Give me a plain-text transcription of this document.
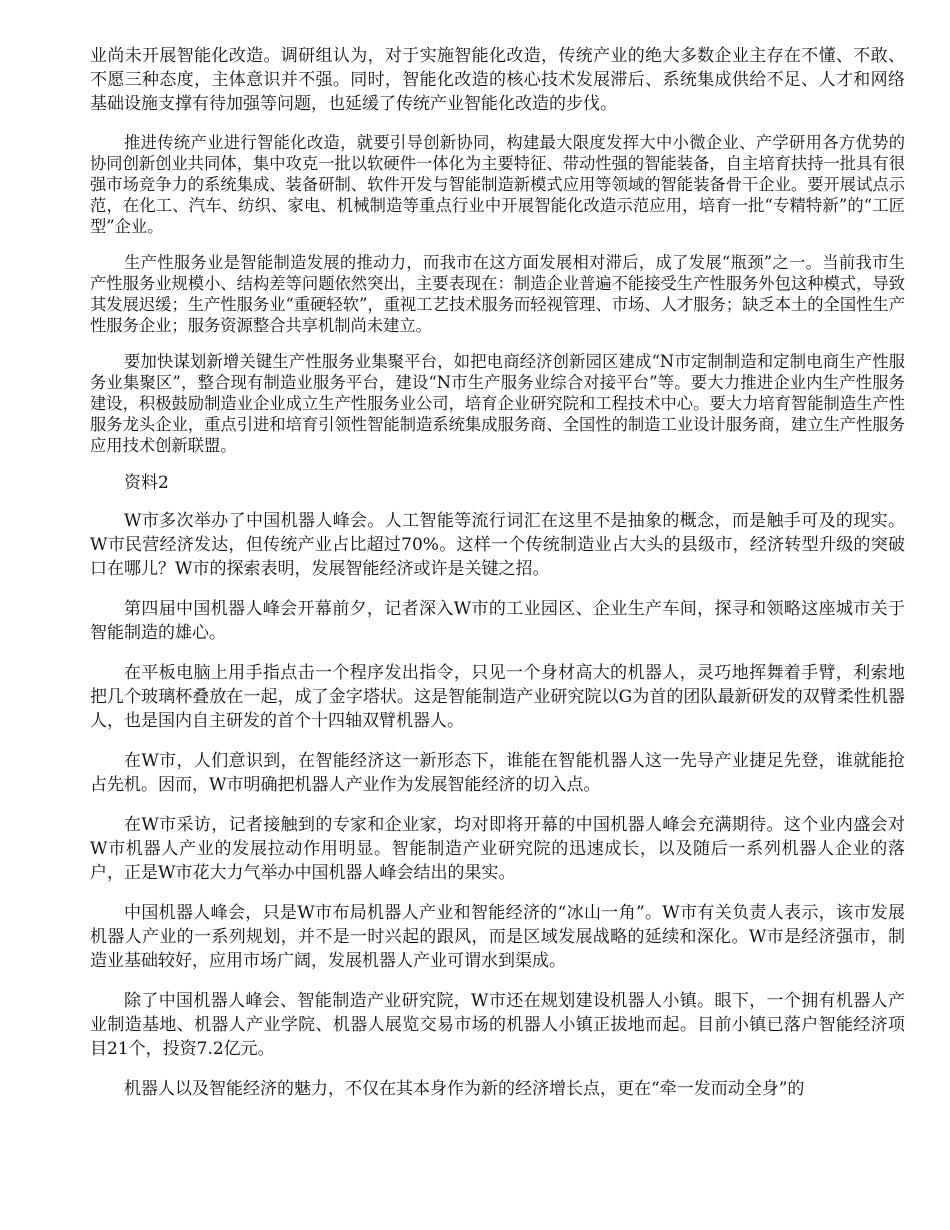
业尚未开展智能化改造。调研组认为，对于实施智能化改造，传统产业的绝大多数企业主存在不懂、不敢、不愿三种态度，主体意识并不强。同时，智能化改造的核心技术发展滞后、系统集成供给不足、人才和网络基础设施支撑有待加强等问题，也延缓了传统产业智能化改造的步伐。

推进传统产业进行智能化改造，就要引导创新协同，构建最大限度发挥大中小微企业、产学研用各方优势的协同创新创业共同体，集中攻克一批以软硬件一体化为主要特征、带动性强的智能装备，自主培育扶持一批具有很强市场竞争力的系统集成、装备研制、软件开发与智能制造新模式应用等领域的智能装备骨干企业。要开展试点示范，在化工、汽车、纺织、家电、机械制造等重点行业中开展智能化改造示范应用，培育一批“专精特新”的“工匠型”企业。

生产性服务业是智能制造发展的推动力，而我市在这方面发展相对滞后，成了发展“瓶颈”之一。当前我市生产性服务业规模小、结构差等问题依然突出，主要表现在：制造企业普遍不能接受生产性服务外包这种模式，导致其发展迟缓；生产性服务业“重硬轻软”，重视工艺技术服务而轻视管理、市场、人才服务；缺乏本土的全国性生产性服务企业；服务资源整合共享机制尚未建立。

要加快谋划新增关键生产性服务业集聚平台，如把电商经济创新园区建成“N市定制制造和定制电商生产性服务业集聚区”，整合现有制造业服务平台，建设“N市生产服务业综合对接平台”等。要大力推进企业内生产性服务建设，积极鼓励制造业企业成立生产性服务业公司，培育企业研究院和工程技术中心。要大力培育智能制造生产性服务龙头企业，重点引进和培育引领性智能制造系统集成服务商、全国性的制造工业设计服务商，建立生产性服务应用技术创新联盟。

资料2

W市多次举办了中国机器人峰会。人工智能等流行词汇在这里不是抽象的概念，而是触手可及的现实。W市民营经济发达，但传统产业占比超过70%。这样一个传统制造业占大头的县级市，经济转型升级的突破口在哪儿？W市的探索表明，发展智能经济或许是关键之招。

第四届中国机器人峰会开幕前夕，记者深入W市的工业园区、企业生产车间，探寻和领略这座城市关于智能制造的雄心。

在平板电脑上用手指点击一个程序发出指令，只见一个身材高大的机器人，灵巧地挥舞着手臂，利索地把几个玻璃杯叠放在一起，成了金字塔状。这是智能制造产业研究院以G为首的团队最新研发的双臂柔性机器人，也是国内自主研发的首个十四轴双臂机器人。

在W市，人们意识到，在智能经济这一新形态下，谁能在智能机器人这一先导产业捷足先登，谁就能抢占先机。因而，W市明确把机器人产业作为发展智能经济的切入点。

在W市采访，记者接触到的专家和企业家，均对即将开幕的中国机器人峰会充满期待。这个业内盛会对W市机器人产业的发展拉动作用明显。智能制造产业研究院的迅速成长，以及随后一系列机器人企业的落户，正是W市花大力气举办中国机器人峰会结出的果实。

中国机器人峰会，只是W市布局机器人产业和智能经济的“冰山一角”。W市有关负责人表示，该市发展机器人产业的一系列规划，并不是一时兴起的跟风，而是区域发展战略的延续和深化。W市是经济强市，制造业基础较好，应用市场广阔，发展机器人产业可谓水到渠成。

除了中国机器人峰会、智能制造产业研究院，W市还在规划建设机器人小镇。眼下，一个拥有机器人产业制造基地、机器人产业学院、机器人展览交易市场的机器人小镇正拔地而起。目前小镇已落户智能经济项目21个，投资7.2亿元。

机器人以及智能经济的魅力，不仅在其本身作为新的经济增长点，更在“牵一发而动全身”的
